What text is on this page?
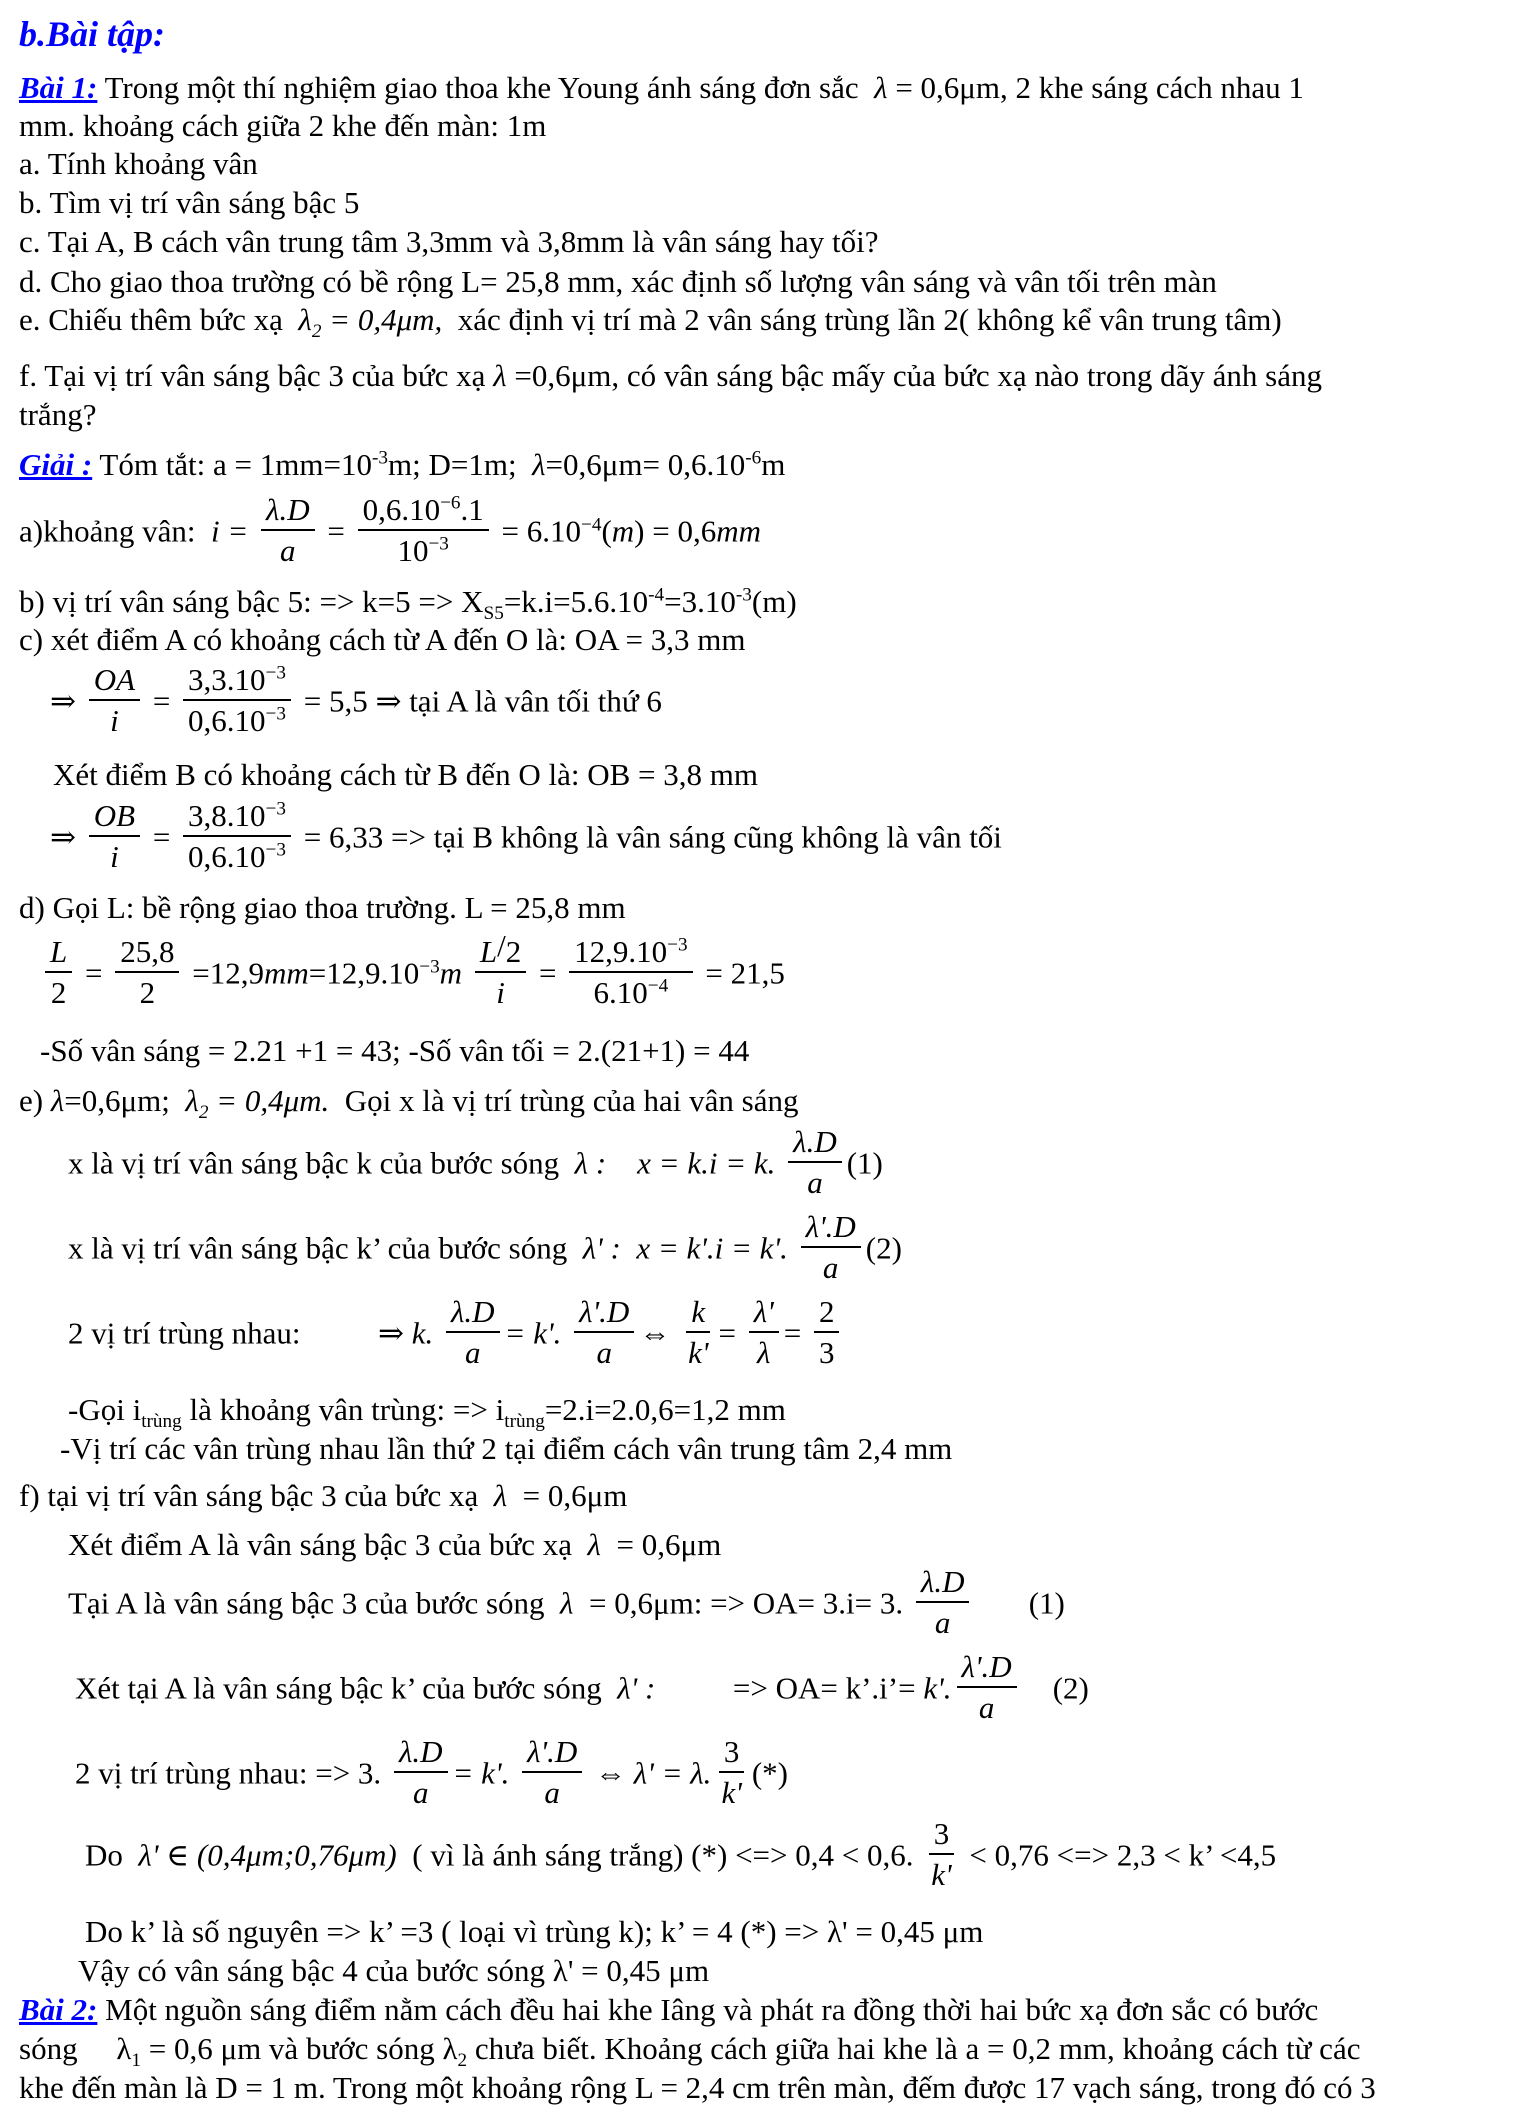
b.Bài tập:
Bài 1: Trong một thí nghiệm giao thoa khe Young ánh sáng đơn sắc  λ = 0,6μm, 2 khe sáng cách nhau 1
mm. khoảng cách giữa 2 khe đến màn: 1m
a. Tính khoảng vân
b. Tìm vị trí vân sáng bậc 5
c. Tại A, B cách vân trung tâm 3,3mm và 3,8mm là vân sáng hay tối?
d. Cho giao thoa trường có bề rộng L= 25,8 mm, xác định số lượng vân sáng và vân tối trên màn
e. Chiếu thêm bức xạ  $\lambda_2 = 0,4\mu m$,  xác định vị trí mà 2 vân sáng trùng lần 2( không kể vân trung tâm)
f. Tại vị trí vân sáng bậc 3 của bức xạ λ =0,6μm, có vân sáng bậc mấy của bức xạ nào trong dãy ánh sáng
trắng?
Giải : Tóm tắt: $a = 1mm=10^{-3}m$; D=1m;  $\lambda=0,6\mu m= 0,6.10^{-6}m$
a)khoảng vân:  $i = \frac{\lambda.D}{a} = \frac{0,6.10^{-6}.1}{10^{-3}} = 6.10^{-4}(m) = 0,6mm$
b) vị trí vân sáng bậc 5: => $k=5 => X_{S5}=k.i=5.6.10^{-4}=3.10^{-3}(m)$
c) xét điểm A có khoảng cách từ A đến O là: OA = 3,3 mm
⇒ $\frac{OA}{i} = \frac{3,3.10^{-3}}{0,6.10^{-3}} = 5,5$ ⇒ tại A là vân tối thứ 6
Xét điểm B có khoảng cách từ B đến O là: OB = 3,8 mm
⇒ $\frac{OB}{i} = \frac{3,8.10^{-3}}{0,6.10^{-3}} = 6,33$ => tại B không là vân sáng cũng không là vân tối
d) Gọi L: bề rộng giao thoa trường. L = 25,8 mm
$\frac{L}{2} = \frac{25,8}{2} =12,9mm=12,9.10^{-3}m \frac{L/2}{i} = \frac{12,9.10^{-3}}{6.10^{-4}} = 21,5$
-Số vân sáng = 2.21 +1 = 43; -Số vân tối = 2.(21+1) = 44
e) λ=0,6μm;  $\lambda_2 = 0,4\mu m$.  Gọi x là vị trí trùng của hai vân sáng
x là vị trí vân sáng bậc k của bước sóng  λ :    x = k.i = k. $\frac{\lambda.D}{a} (1)$
x là vị trí vân sáng bậc k’ của bước sóng  λ' :  x = k'.i = k'. $\frac{\lambda'.D}{a} (2)$
2 vị trí trùng nhau:          ⇒ k. $\frac{\lambda.D}{a} = k'$. $\frac{\lambda'.D}{a}$ ⇔ $\frac{k}{k'} = \frac{\lambda'}{\lambda} = \frac{2}{3}$
-Gọi $i_{trùng}$ là khoảng vân trùng: => $i_{trùng}=2.i=2.0,6=1,2$ mm
-Vị trí các vân trùng nhau lần thứ 2 tại điểm cách vân trung tâm 2,4 mm
f) tại vị trí vân sáng bậc 3 của bức xạ  λ  = 0,6μm
Xét điểm A là vân sáng bậc 3 của bức xạ  λ  = 0,6μm
Tại A là vân sáng bậc 3 của bước sóng  λ  = 0,6μm: => OA= 3.i= 3. $\frac{\lambda.D}{a} (1)$
Xét tại A là vân sáng bậc k’ của bước sóng  λ' :          => OA= k’.i’= k'. $\frac{\lambda'.D}{a} (2)$
2 vị trí trùng nhau: => 3. $\frac{\lambda.D}{a} = k'$. $\frac{\lambda'.D}{a}$ ⇔ λ' = λ. $\frac{3}{k'}$ (*)
Do  λ' ∈ (0,4μm;0,76μm)  ( vì là ánh sáng trắng) (*) <=> 0,4 < 0,6. $\frac{3}{k'} < 0,76$ <=> 2,3 < k’ <4,5
Do k’ là số nguyên => k’ =3 ( loại vì trùng k); k’ = 4 (*) => λ' = 0,45 μm
Vậy có vân sáng bậc 4 của bước sóng λ' = 0,45 μm
Bài 2: Một nguồn sáng điểm nằm cách đều hai khe Iâng và phát ra đồng thời hai bức xạ đơn sắc có bước
sóng     $\lambda_1 = 0,6$ μm và bước sóng $\lambda_2$ chưa biết. Khoảng cách giữa hai khe là a = 0,2 mm, khoảng cách từ các
khe đến màn là D = 1 m. Trong một khoảng rộng L = 2,4 cm trên màn, đếm được 17 vạch sáng, trong đó có 3
